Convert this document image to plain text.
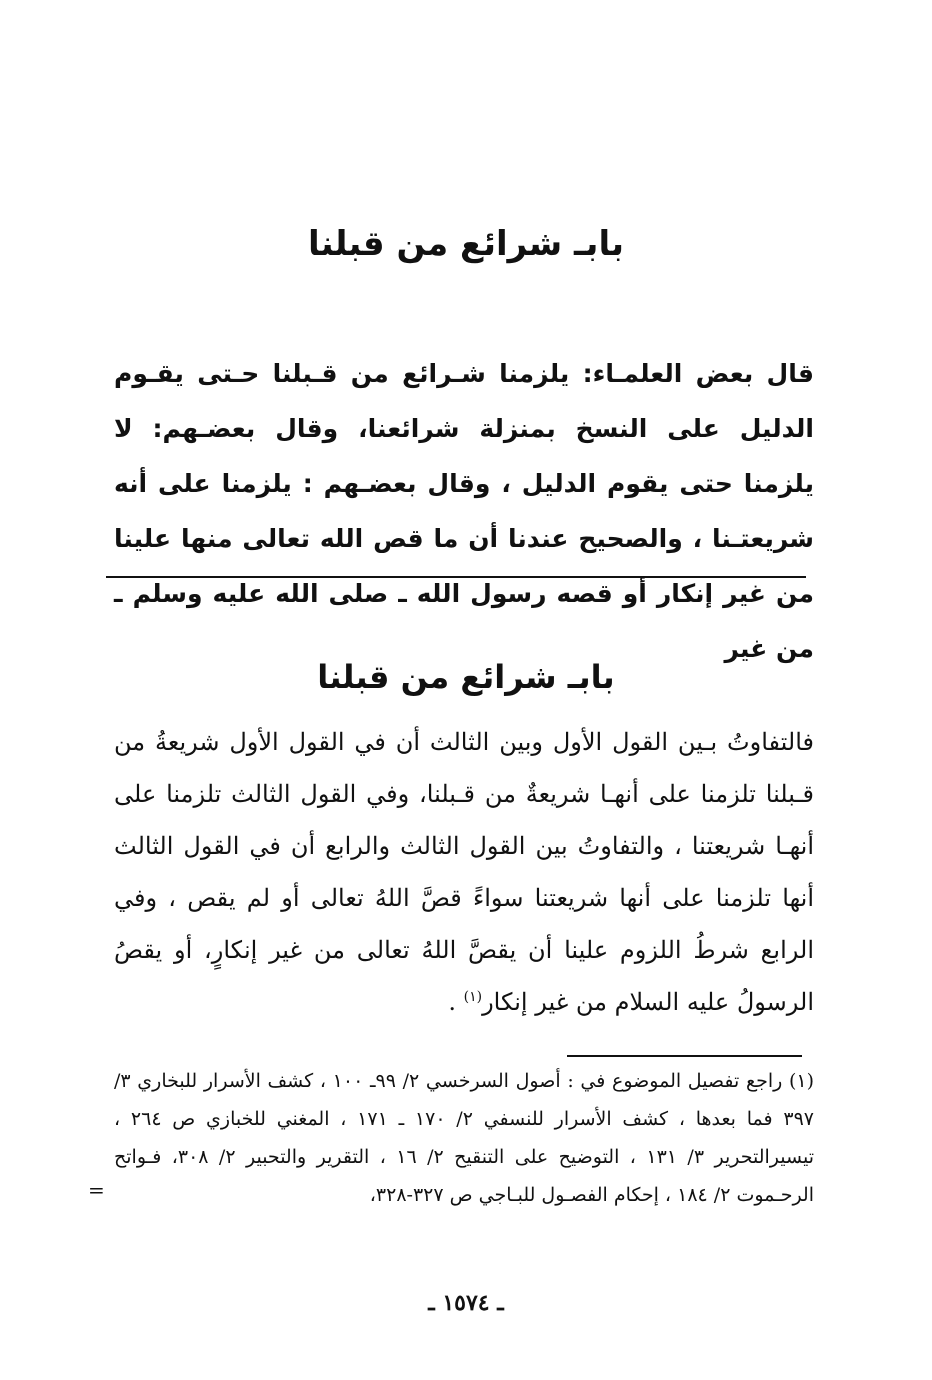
بابـ شرائع من قبلنا

قال بعض العلمـاء: يلزمنا شـرائع من قـبلنا حـتى يقـوم الدليل على النسخ بمنزلة شرائعنا، وقال بعضـهم: لا يلزمنا حتى يقوم الدليل ، وقال بعضـهم : يلزمنا على أنه شريعتـنا ، والصحيح عندنا أن ما قص الله تعالى منها علينا من غير إنكار أو قصه رسول الله ـ صلى الله عليه وسلم ـ من غير

بابـ شرائع من قبلنا

فالتفاوتُ بـين القول الأول وبين الثالث أن في القول الأول شريعةُ من قـبلنا تلزمنا على أنهـا شريعةٌ من قـبلنا، وفي القول الثالث تلزمنا على أنهـا شريعتنا ، والتفاوتُ بين القول الثالث والرابع أن في القول الثالث أنها تلزمنا على أنها شريعتنا سواءً قصَّ اللهُ تعالى أو لم يقص ، وفي الرابع شرطُ اللزوم علينا أن يقصَّ اللهُ تعالى من غير إنكارٍ، أو يقصُ الرسولُ عليه السلام من غير إنكار$^{(١)}$ .

(١) راجع تفصيل الموضوع في : أصول السرخسي ٢/ ٩٩ـ ١٠٠ ، كشف الأسرار للبخاري ٣/ ٣٩٧ فما بعدها ، كشف الأسرار للنسفي ٢/ ١٧٠ ـ ١٧١ ، المغني للخبازي ص ٢٦٤ ، تيسيرالتحرير ٣/ ١٣١ ، التوضيح على التنقيح ٢/ ١٦ ، التقرير والتحبير ٢/ ٣٠٨، فـواتح الرحـموت ٢/ ١٨٤ ، إحكام الفصـول للبـاجي ص ٣٢٧-٣٢٨،

=
ـ ١٥٧٤ ـ
